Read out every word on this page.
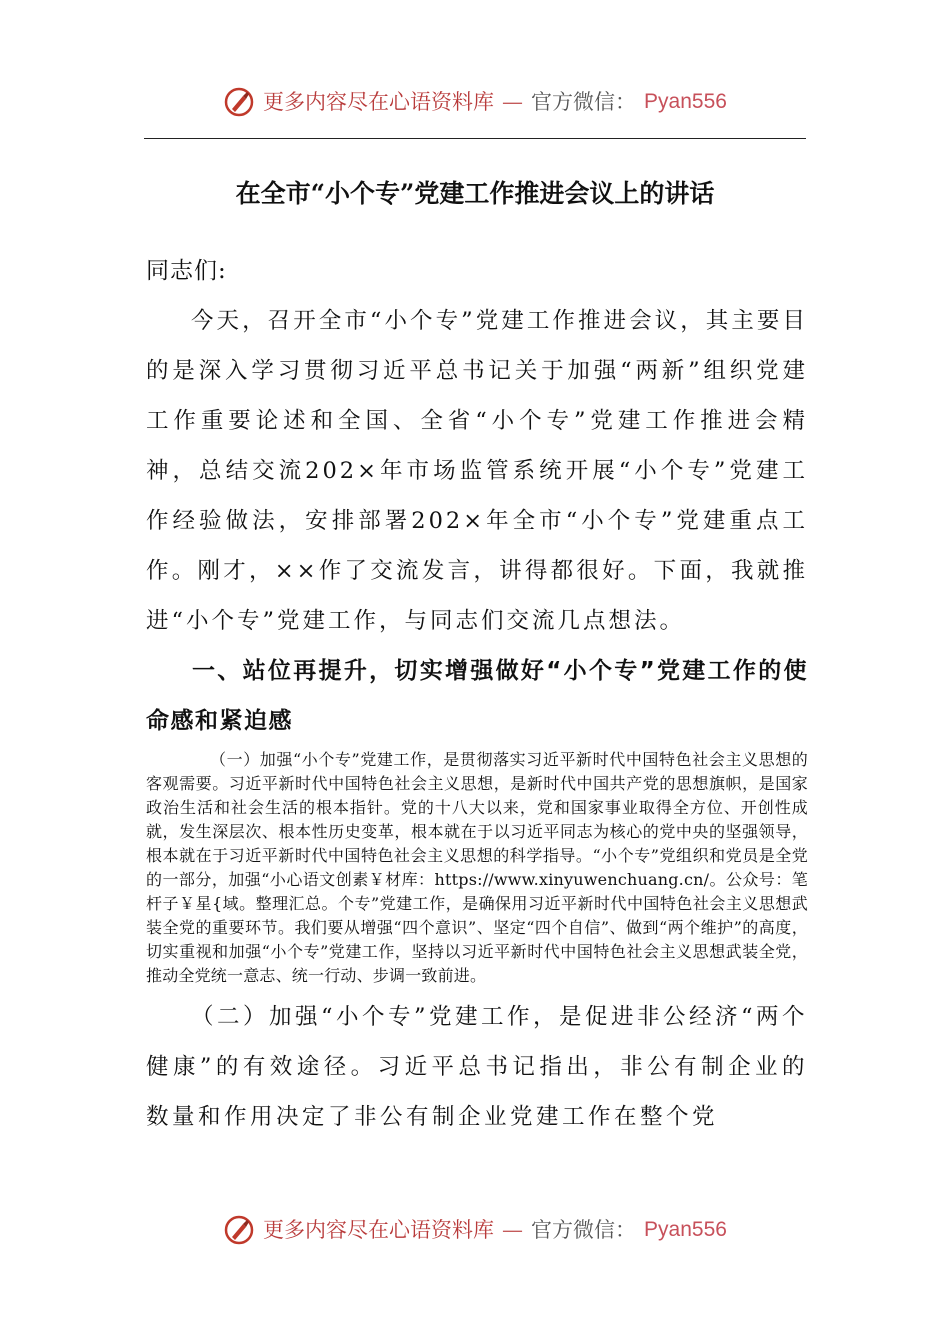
更多内容尽在心语资料库 — 官方微信： Pyan556
在全市“小个专”党建工作推进会议上的讲话

同志们:

今天，召开全市“小个专”党建工作推进会议，其主要目的是深入学习贯彻习近平总书记关于加强“两新”组织党建工作重要论述和全国、全省“小个专”党建工作推进会精神，总结交流202×年市场监管系统开展“小个专”党建工作经验做法，安排部署202×年全市“小个专”党建重点工作。刚才，××作了交流发言，讲得都很好。下面，我就推进“小个专”党建工作，与同志们交流几点想法。

一、站位再提升，切实增强做好“小个专”党建工作的使命感和紧迫感

（一）加强“小个专”党建工作，是贯彻落实习近平新时代中国特色社会主义思想的客观需要。习近平新时代中国特色社会主义思想，是新时代中国共产党的思想旗帜，是国家政治生活和社会生活的根本指针。党的十八大以来，党和国家事业取得全方位、开创性成就，发生深层次、根本性历史变革，根本就在于以习近平同志为核心的党中央的坚强领导，根本就在于习近平新时代中国特色社会主义思想的科学指导。“小个专”党组织和党员是全党的一部分，加强“小心语文创素￥材库：https://www.xinyuwenchuang.cn/。公众号：笔杆子￥星{域。整理汇总。个专”党建工作，是确保用习近平新时代中国特色社会主义思想武装全党的重要环节。我们要从增强“四个意识”、坚定“四个自信”、做到“两个维护”的高度，切实重视和加强“小个专”党建工作，坚持以习近平新时代中国特色社会主义思想武装全党，推动全党统一意志、统一行动、步调一致前进。

（二）加强“小个专”党建工作，是促进非公经济“两个健康”的有效途径。习近平总书记指出，非公有制企业的数量和作用决定了非公有制企业党建工作在整个党

更多内容尽在心语资料库 — 官方微信： Pyan556
